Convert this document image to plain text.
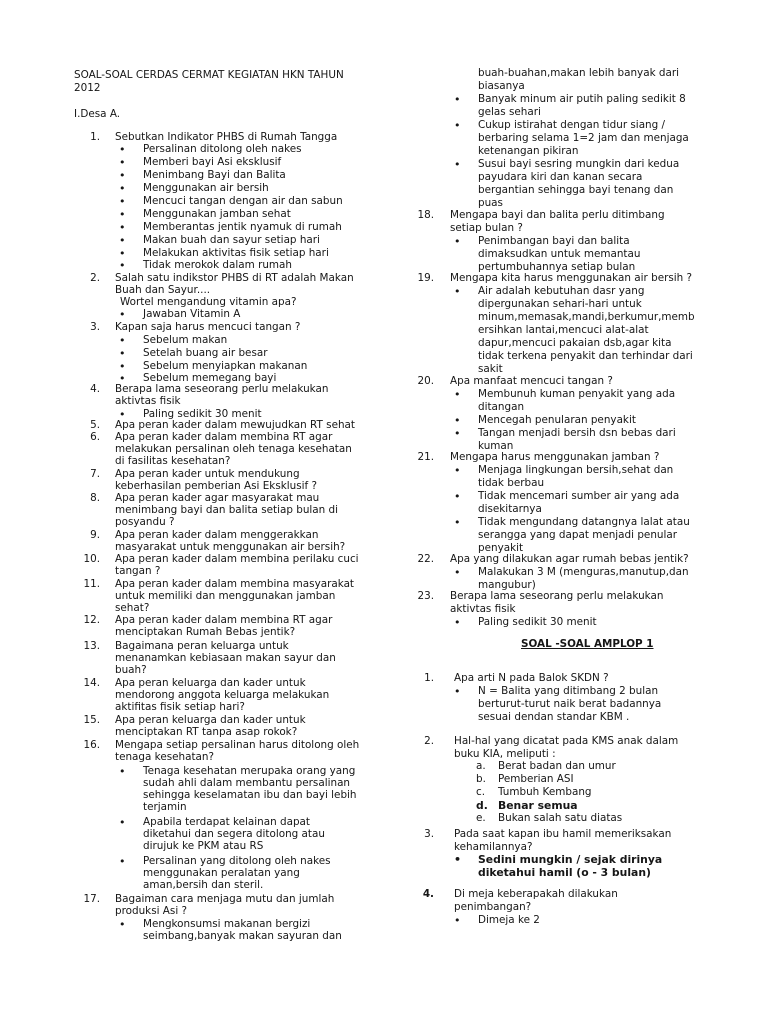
SOAL-SOAL CERDAS CERMAT KEGIATAN HKN TAHUN
2012
I.Desa A.
1. Sebutkan Indikator PHBS di Rumah Tangga
• Persalinan ditolong oleh nakes
• Memberi bayi Asi eksklusif
• Menimbang Bayi dan Balita
• Menggunakan air bersih
• Mencuci tangan dengan air dan sabun
• Menggunakan jamban sehat
• Memberantas jentik nyamuk di rumah
• Makan buah dan sayur setiap hari
• Melakukan aktivitas fisik setiap hari
• Tidak merokok dalam rumah
2. Salah satu indikstor PHBS di RT adalah Makan
Buah dan Sayur....
Wortel mengandung vitamin apa?
• Jawaban Vitamin A
3. Kapan saja harus mencuci tangan ?
• Sebelum makan
• Setelah buang air besar
• Sebelum menyiapkan makanan
• Sebelum memegang bayi
4. Berapa lama seseorang perlu melakukan
aktivtas fisik
• Paling sedikit 30 menit
5. Apa peran kader dalam mewujudkan RT sehat
6. Apa peran kader dalam membina RT agar
melakukan persalinan oleh tenaga kesehatan
di fasilitas kesehatan?
7. Apa peran kader untuk mendukung
keberhasilan pemberian Asi Eksklusif ?
8. Apa peran kader agar masyarakat mau
menimbang bayi dan balita setiap bulan di
posyandu ?
9. Apa peran kader dalam menggerakkan
masyarakat untuk menggunakan air bersih?
10. Apa peran kader dalam membina perilaku cuci
tangan ?
11. Apa peran kader dalam membina masyarakat
untuk memiliki dan menggunakan jamban
sehat?
12. Apa peran kader dalam membina RT agar
menciptakan Rumah Bebas jentik?
13. Bagaimana peran keluarga untuk
menanamkan kebiasaan makan sayur dan
buah?
14. Apa peran keluarga dan kader untuk
mendorong anggota keluarga melakukan
aktifitas fisik setiap hari?
15. Apa peran keluarga dan kader untuk
menciptakan RT tanpa asap rokok?
16. Mengapa setiap persalinan harus ditolong oleh
tenaga kesehatan?
• Tenaga kesehatan merupaka orang yang
sudah ahli dalam membantu persalinan
sehingga keselamatan ibu dan bayi lebih
terjamin
• Apabila terdapat kelainan dapat
diketahui dan segera ditolong atau
dirujuk ke PKM atau RS
• Persalinan yang ditolong oleh nakes
menggunakan peralatan yang
aman,bersih dan steril.
17. Bagaiman cara menjaga mutu dan jumlah
produksi Asi ?
• Mengkonsumsi makanan bergizi
seimbang,banyak makan sayuran dan
buah-buahan,makan lebih banyak dari
biasanya
• Banyak minum air putih paling sedikit 8
gelas sehari
• Cukup istirahat dengan tidur siang /
berbaring selama 1=2 jam dan menjaga
ketenangan pikiran
• Susui bayi sesring mungkin dari kedua
payudara kiri dan kanan secara
bergantian sehingga bayi tenang dan
puas
18. Mengapa bayi dan balita perlu ditimbang
setiap bulan ?
• Penimbangan bayi dan balita
dimaksudkan untuk memantau
pertumbuhannya setiap bulan
19. Mengapa kita harus menggunakan air bersih ?
• Air adalah kebutuhan dasr yang
dipergunakan sehari-hari untuk
minum,memasak,mandi,berkumur,memb
ersihkan lantai,mencuci alat-alat
dapur,mencuci pakaian dsb,agar kita
tidak terkena penyakit dan terhindar dari
sakit
20. Apa manfaat mencuci tangan ?
• Membunuh kuman penyakit yang ada
ditangan
• Mencegah penularan penyakit
• Tangan menjadi bersih dsn bebas dari
kuman
21. Mengapa harus menggunakan jamban ?
• Menjaga lingkungan bersih,sehat dan
tidak berbau
• Tidak mencemari sumber air yang ada
disekitarnya
• Tidak mengundang datangnya lalat atau
serangga yang dapat menjadi penular
penyakit
22. Apa yang dilakukan agar rumah bebas jentik?
• Malakukan 3 M (menguras,manutup,dan
mangubur)
23. Berapa lama seseorang perlu melakukan
aktivtas fisik
• Paling sedikit 30 menit
SOAL -SOAL AMPLOP 1
1. Apa arti N pada Balok SKDN ?
• N = Balita yang ditimbang 2 bulan
berturut-turut naik berat badannya
sesuai dendan standar KBM .
2. Hal-hal yang dicatat pada KMS anak dalam
buku KIA, meliputi :
a. Berat badan dan umur
b. Pemberian ASI
c. Tumbuh Kembang
d. Benar semua
e. Bukan salah satu diatas
3. Pada saat kapan ibu hamil memeriksakan
kehamilannya?
• Sedini mungkin / sejak dirinya
diketahui hamil (o - 3 bulan)
4. Di meja keberapakah dilakukan
penimbangan?
• Dimeja ke 2
